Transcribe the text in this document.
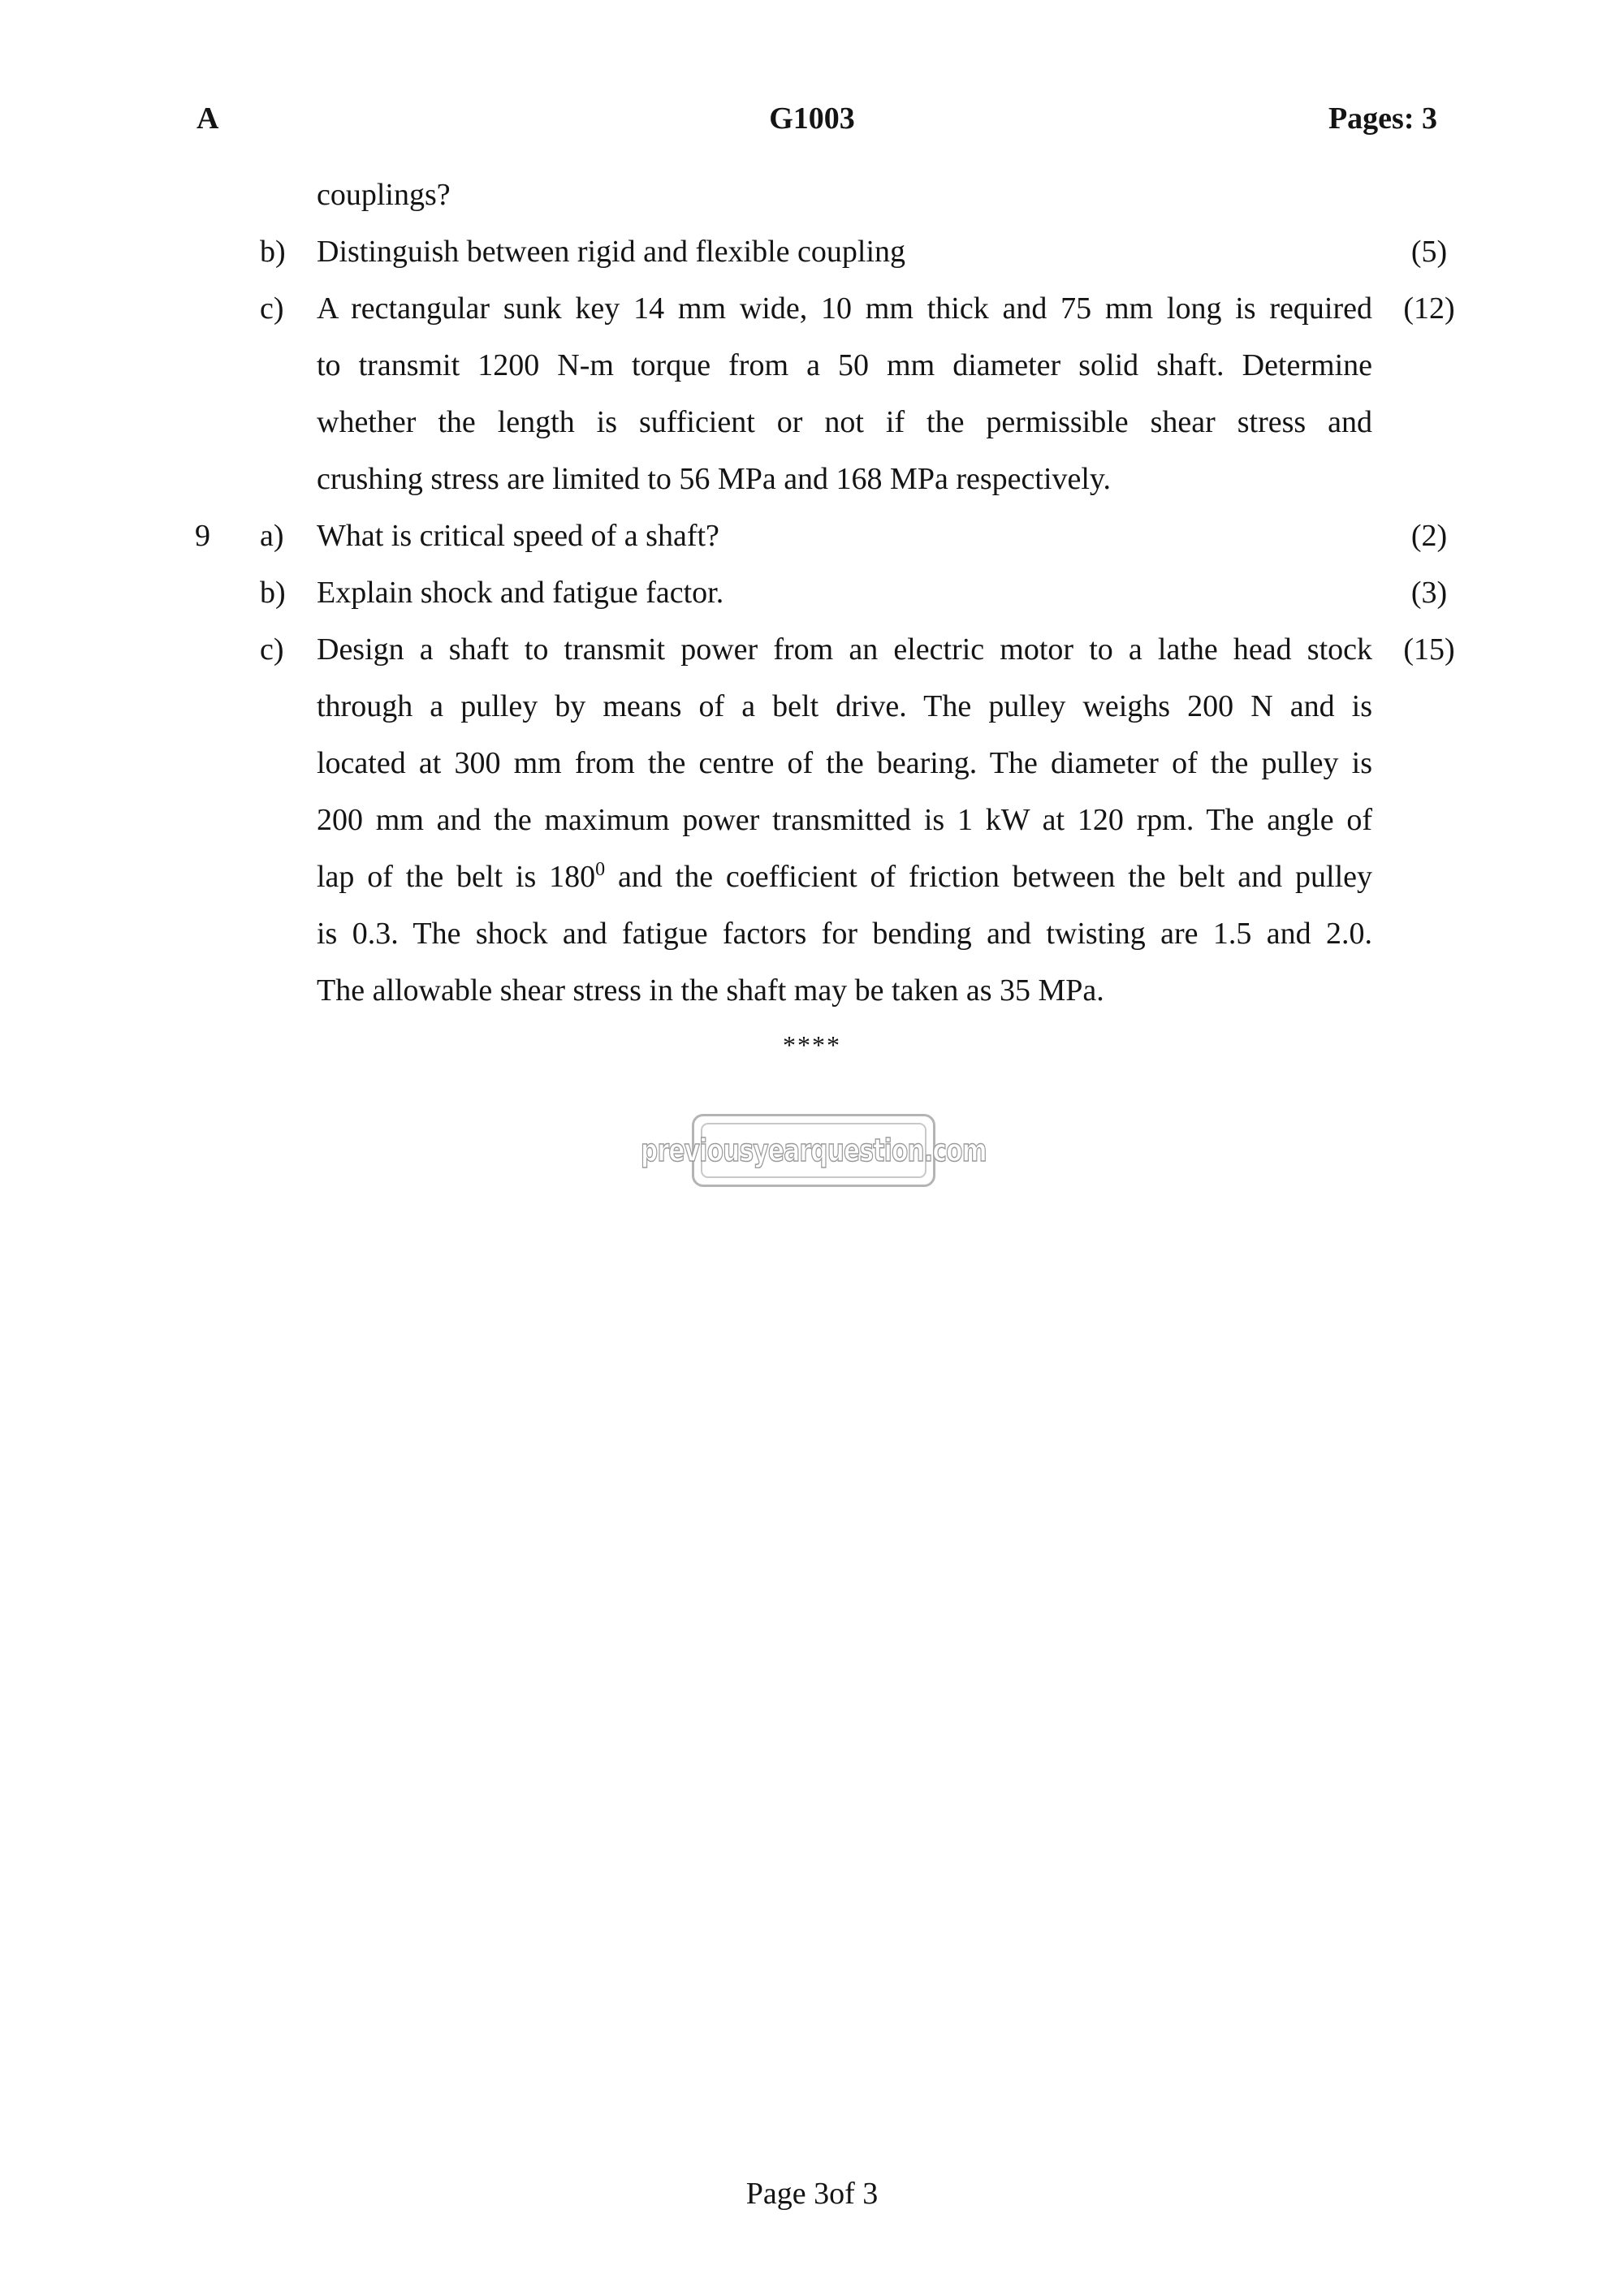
A	G1003	Pages: 3
couplings?
b) Distinguish between rigid and flexible coupling	(5)
c) A rectangular sunk key 14 mm wide, 10 mm thick and 75 mm long is required	(12)
to transmit 1200 N-m torque from a 50 mm diameter solid shaft. Determine
whether the length is sufficient or not if the permissible shear stress and
crushing stress are limited to 56 MPa and 168 MPa respectively.
9 a) What is critical speed of a shaft?	(2)
b) Explain shock and fatigue factor.	(3)
c) Design a shaft to transmit power from an electric motor to a lathe head stock	(15)
through a pulley by means of a belt drive. The pulley weighs 200 N and is
located at 300 mm from the centre of the bearing. The diameter of the pulley is
200 mm and the maximum power transmitted is 1 kW at 120 rpm. The angle of
lap of the belt is $180^0$ and the coefficient of friction between the belt and pulley
is 0.3. The shock and fatigue factors for bending and twisting are 1.5 and 2.0.
The allowable shear stress in the shaft may be taken as 35 MPa.
****
previousyearquestion.com
Page 3of 3
